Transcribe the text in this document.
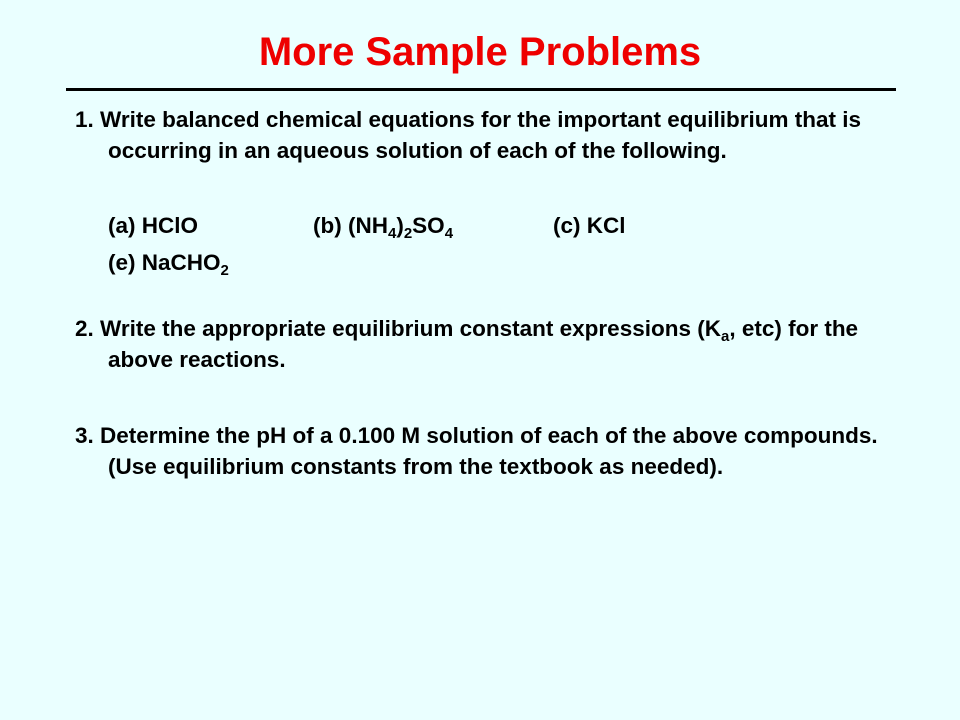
More Sample Problems

1. Write balanced chemical equations for the important equilibrium that is occurring in an aqueous solution of each of the following.

(a) HClO	(b) $(NH_4)_2SO_4$	(c) KCl
(e) NaCHO$_2$

2. Write the appropriate equilibrium constant expressions ($K_a$, etc) for the above reactions.

3. Determine the pH of a 0.100 M solution of each of the above compounds. (Use equilibrium constants from the textbook as needed).
